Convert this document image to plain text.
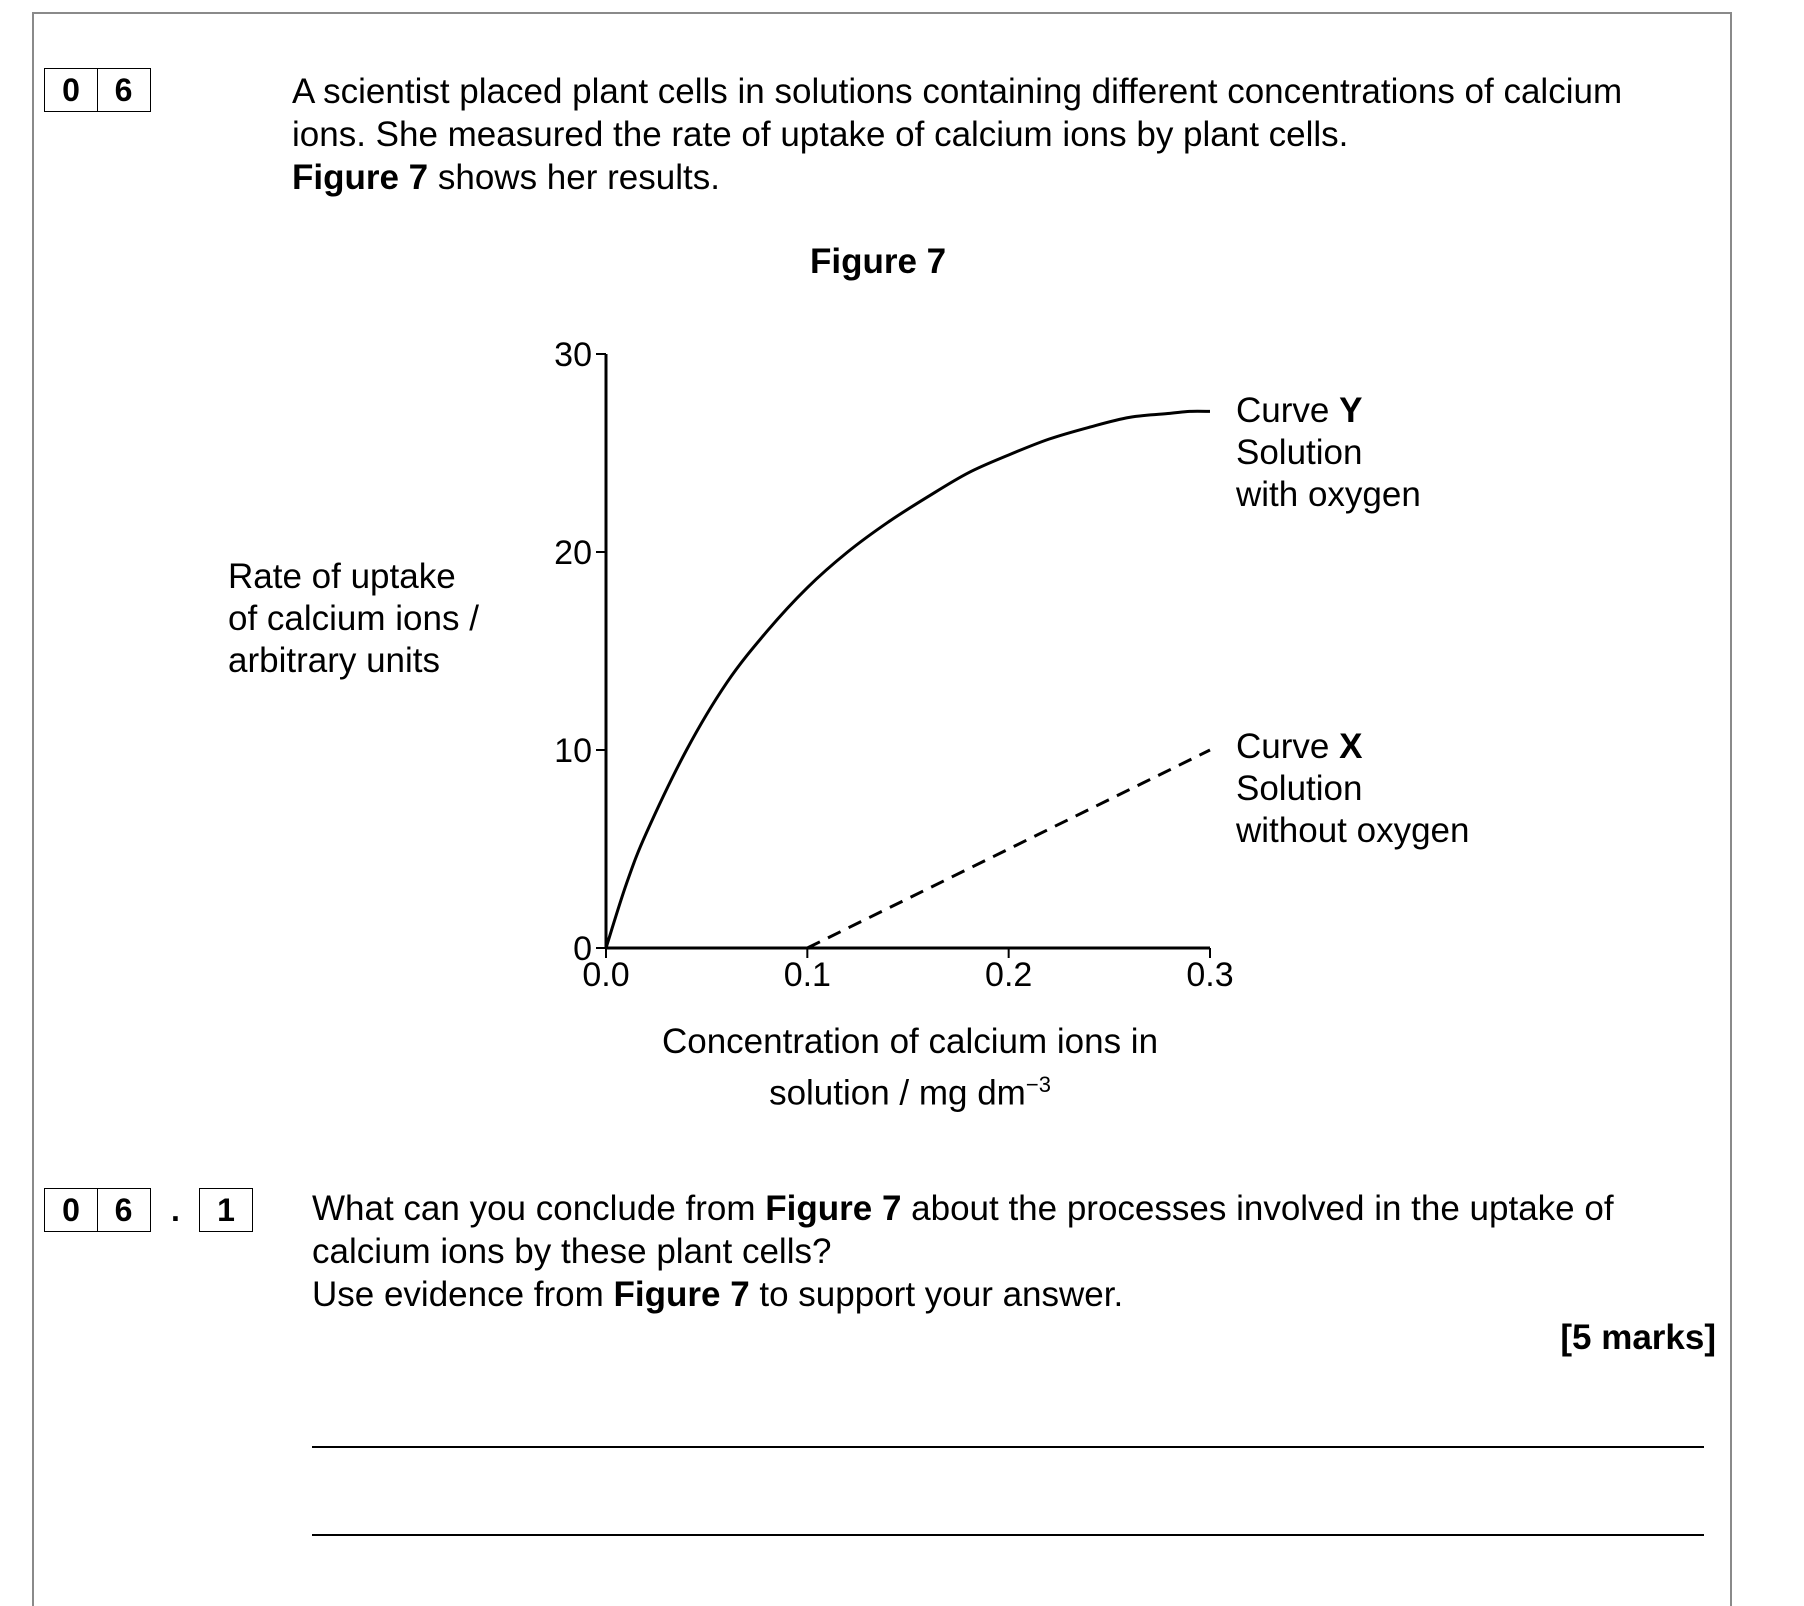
0	6	A scientist placed plant cells in solutions containing different concentrations of calcium
ions. She measured the rate of uptake of calcium ions by plant cells.
Figure 7 shows her results.
Figure 7
Rate of uptake
of calcium ions /
arbitrary units
0
10
20
30
0.0	0.1	0.2	0.3
Curve Y
Solution
with oxygen
Curve X
Solution
without oxygen
Concentration of calcium ions in
solution / mg $dm^{-3}$
0	6	.	1	What can you conclude from Figure 7 about the processes involved in the uptake of
calcium ions by these plant cells?
Use evidence from Figure 7 to support your answer.
[5 marks]
